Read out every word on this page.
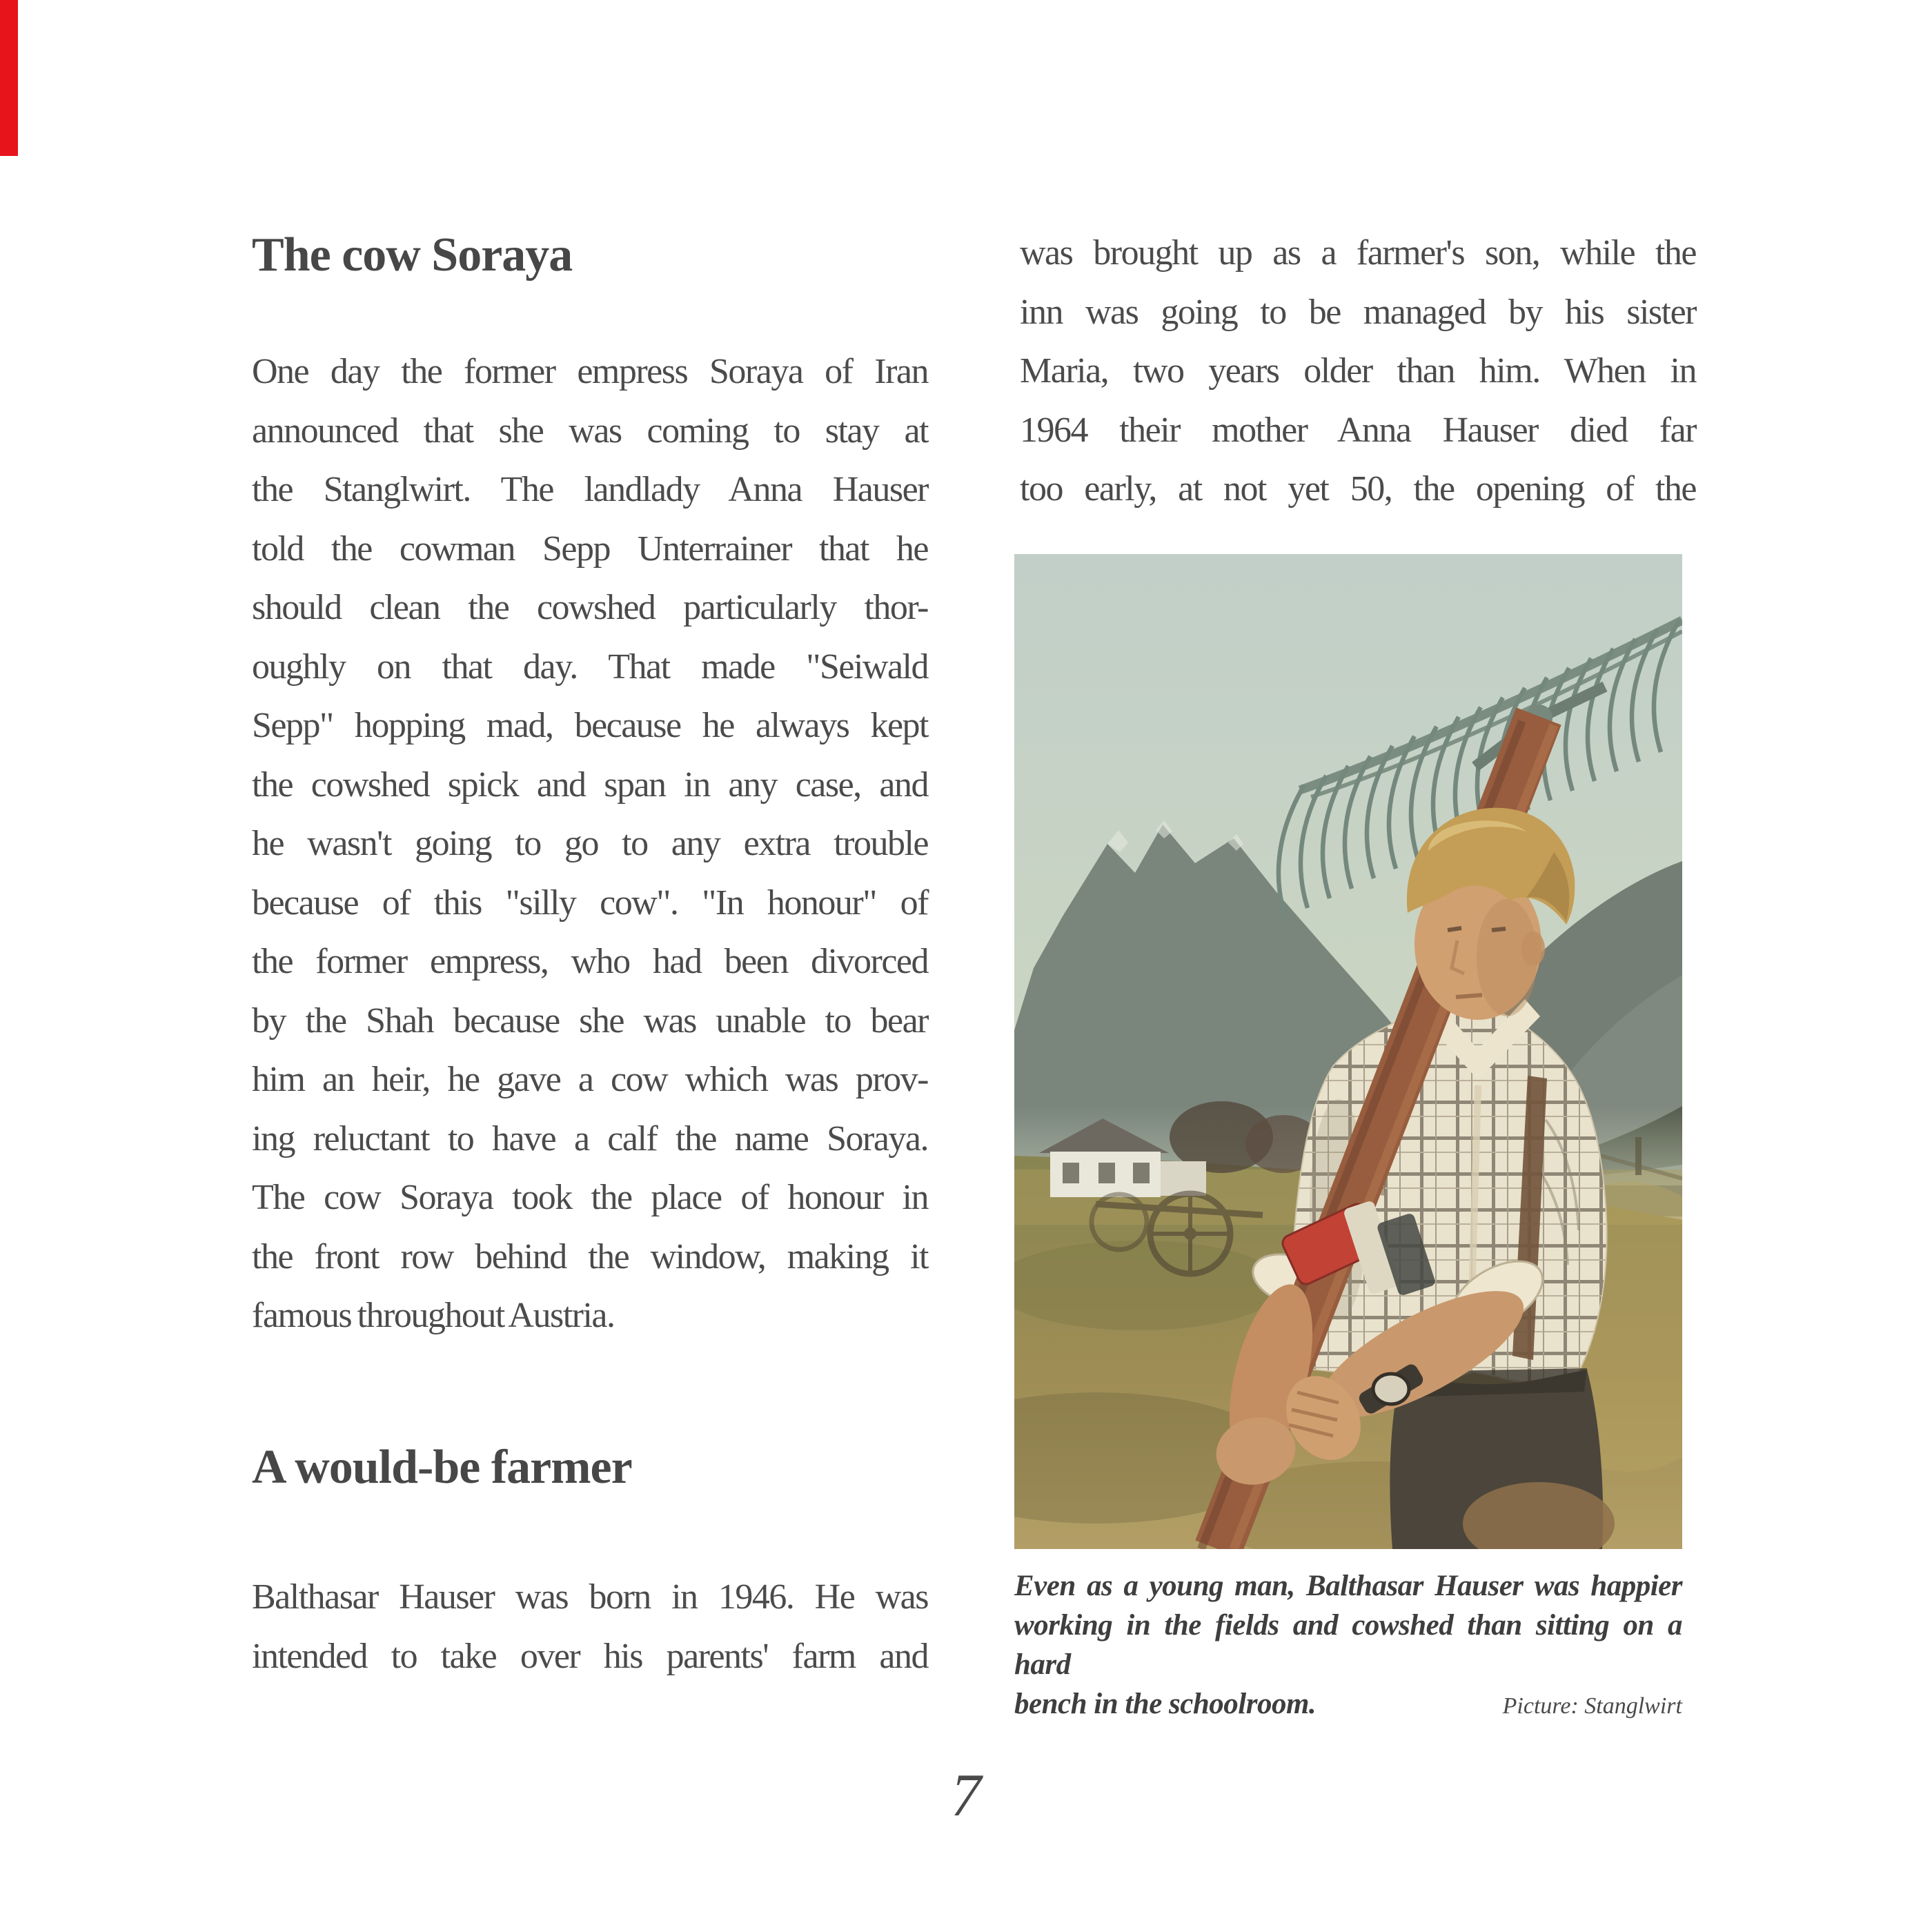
The cow Soraya
One day the former empress Soraya of Iran
announced that she was coming to stay at
the Stanglwirt. The landlady Anna Hauser
told the cowman Sepp Unterrainer that he
should clean the cowshed particularly thor-
oughly on that day. That made "Seiwald
Sepp" hopping mad, because he always kept
the cowshed spick and span in any case, and
he wasn't going to go to any extra trouble
because of this "silly cow". "In honour" of
the former empress, who had been divorced
by the Shah because she was unable to bear
him an heir, he gave a cow which was prov-
ing reluctant to have a calf the name Soraya.
The cow Soraya took the place of honour in
the front row behind the window, making it
famous throughout Austria.
A would-be farmer
Balthasar Hauser was born in 1946. He was
intended to take over his parents' farm and
was brought up as a farmer's son, while the
inn was going to be managed by his sister
Maria, two years older than him. When in
1964 their mother Anna Hauser died far
too early, at not yet 50, the opening of the
Even as a young man, Balthasar Hauser was happier
working in the fields and cowshed than sitting on a hard
bench in the schoolroom.	Picture: Stanglwirt
7
